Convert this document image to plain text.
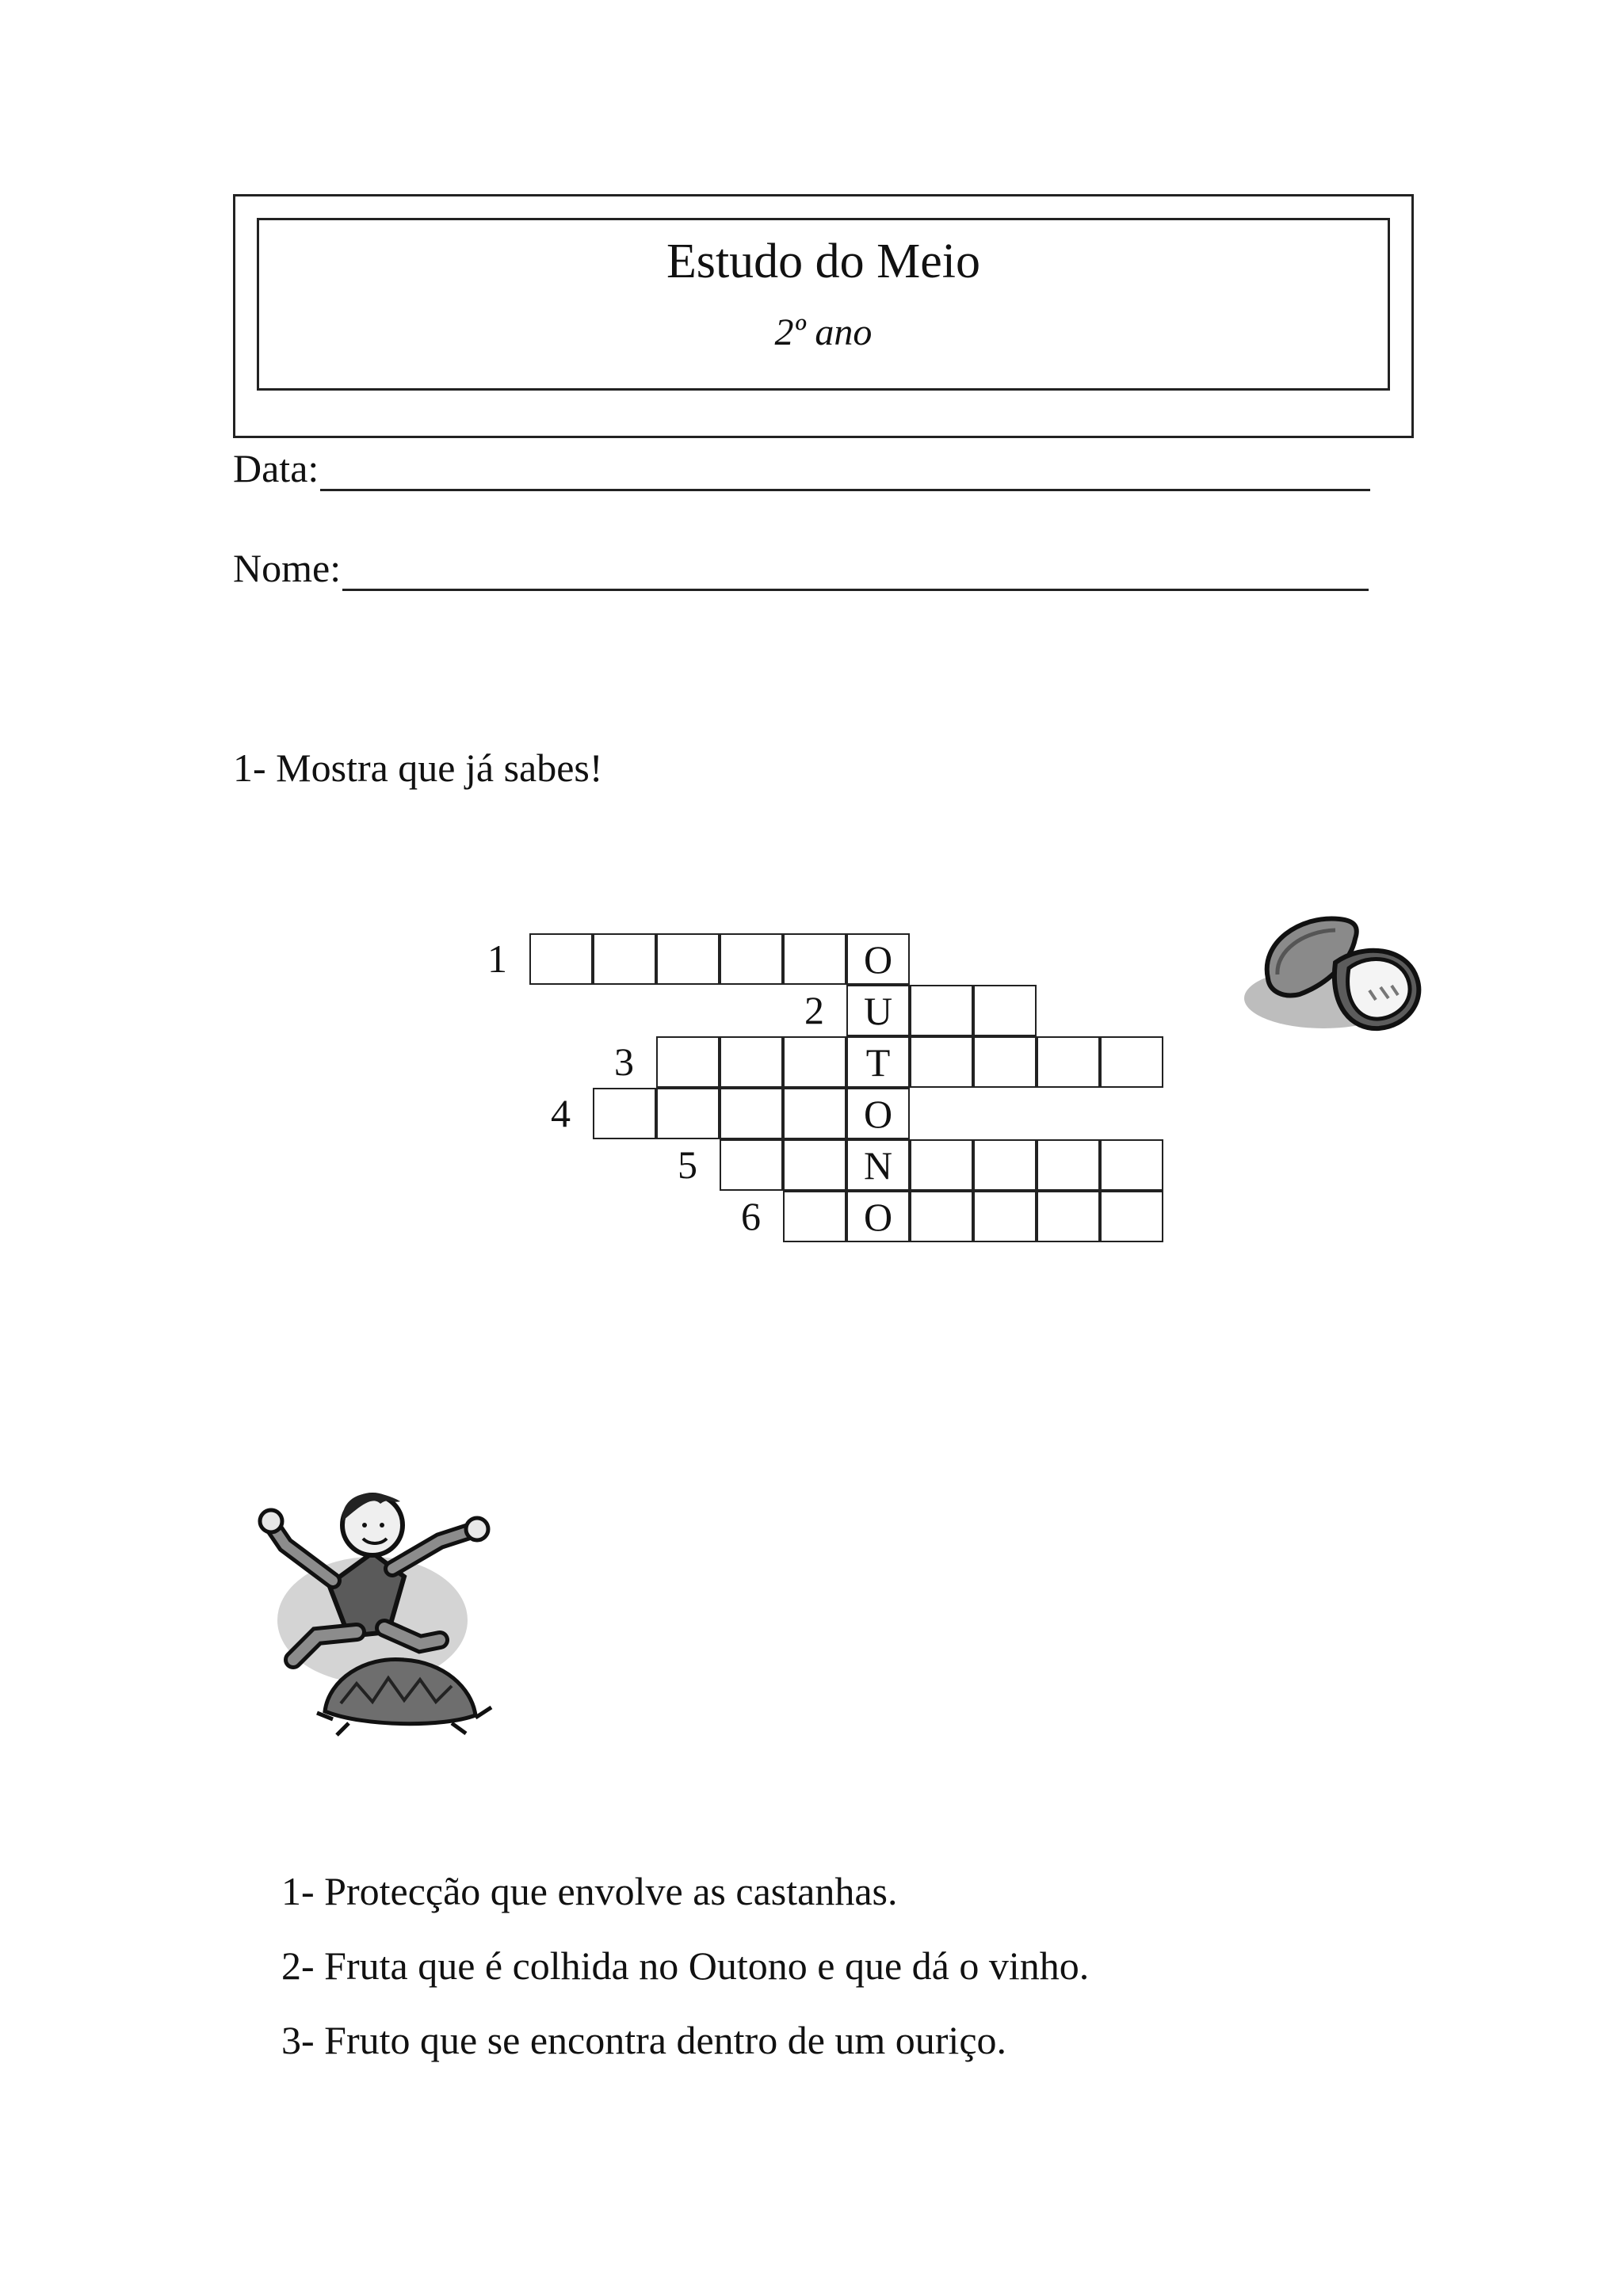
Estudo do Meio
2º ano
Data:
Nome:
1- Mostra que já sabes!
1	O
2 U
3	T
4	O
5	N
6	O

1- Protecção que envolve as castanhas.

2- Fruta que é colhida no Outono e que dá o vinho.

3- Fruto que se encontra dentro de um ouriço.
